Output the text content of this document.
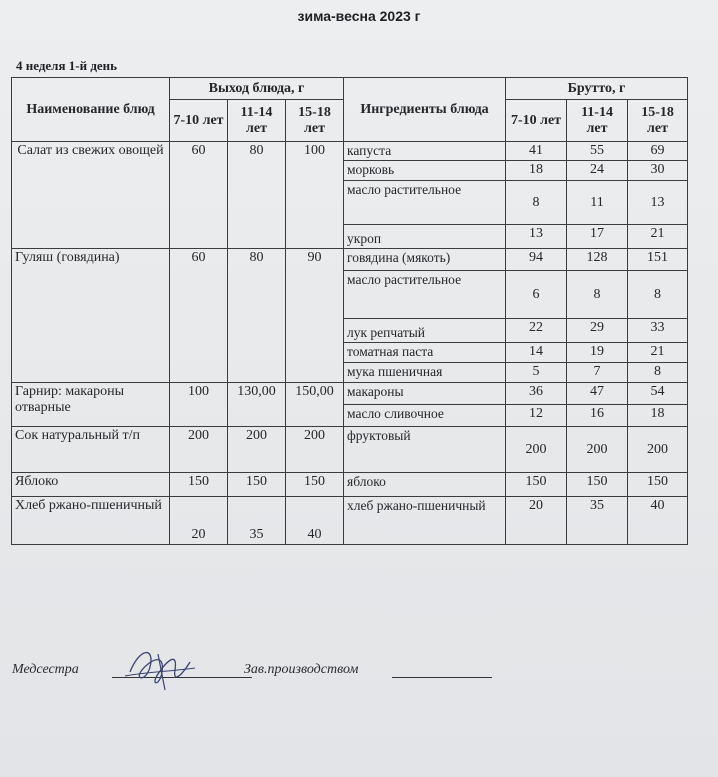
зима-весна 2023 г
4 неделя 1-й день
Наименование блюд	Выход блюда, г			Ингредиенты блюда	Брутто, г		
	7-10 лет	11-14 лет	15-18 лет		7-10 лет	11-14 лет	15-18 лет
Салат из свежих овощей	60	80	100	капуста	41	55	69
				морковь	18	24	30
				масло растительное	8	11	13
				укроп	13	17	21
Гуляш (говядина)	60	80	90	говядина (мякоть)	94	128	151
				масло растительное	6	8	8
				лук репчатый	22	29	33
				томатная паста	14	19	21
				мука пшеничная	5	7	8
Гарнир: макароны отварные	100	130,00	150,00	макароны	36	47	54
				масло сливочное	12	16	18
Сок натуральный т/п	200	200	200	фруктовый	200	200	200
Яблоко	150	150	150	яблоко	150	150	150
Хлеб ржано-пшеничный	20	35	40	хлеб ржано-пшеничный	20	35	40
Медсестра	Зав.производством
